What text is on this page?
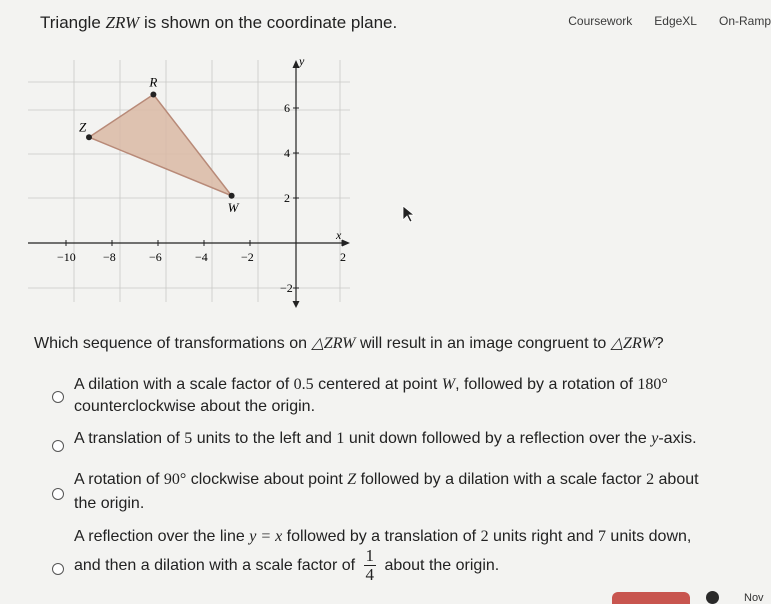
Coursework EdgeXL On-Ramp
Triangle ZRW is shown on the coordinate plane.
y
x
−10 −8	−6	−4	−2	2
6
4
2
−2
R
Z
W
Which sequence of transformations on △ZRW will result in an image congruent to △ZRW?
A dilation with a scale factor of 0.5 centered at point W, followed by a rotation of 180°
counterclockwise about the origin.
A translation of 5 units to the left and 1 unit down followed by a reflection over the y-axis.
A rotation of 90° clockwise about point Z followed by a dilation with a scale factor 2 about
the origin.
A reflection over the line y = x followed by a translation of 2 units right and 7 units down,
and then a dilation with a scale factor of $\frac{1}{4}$ about the origin.
Nov
